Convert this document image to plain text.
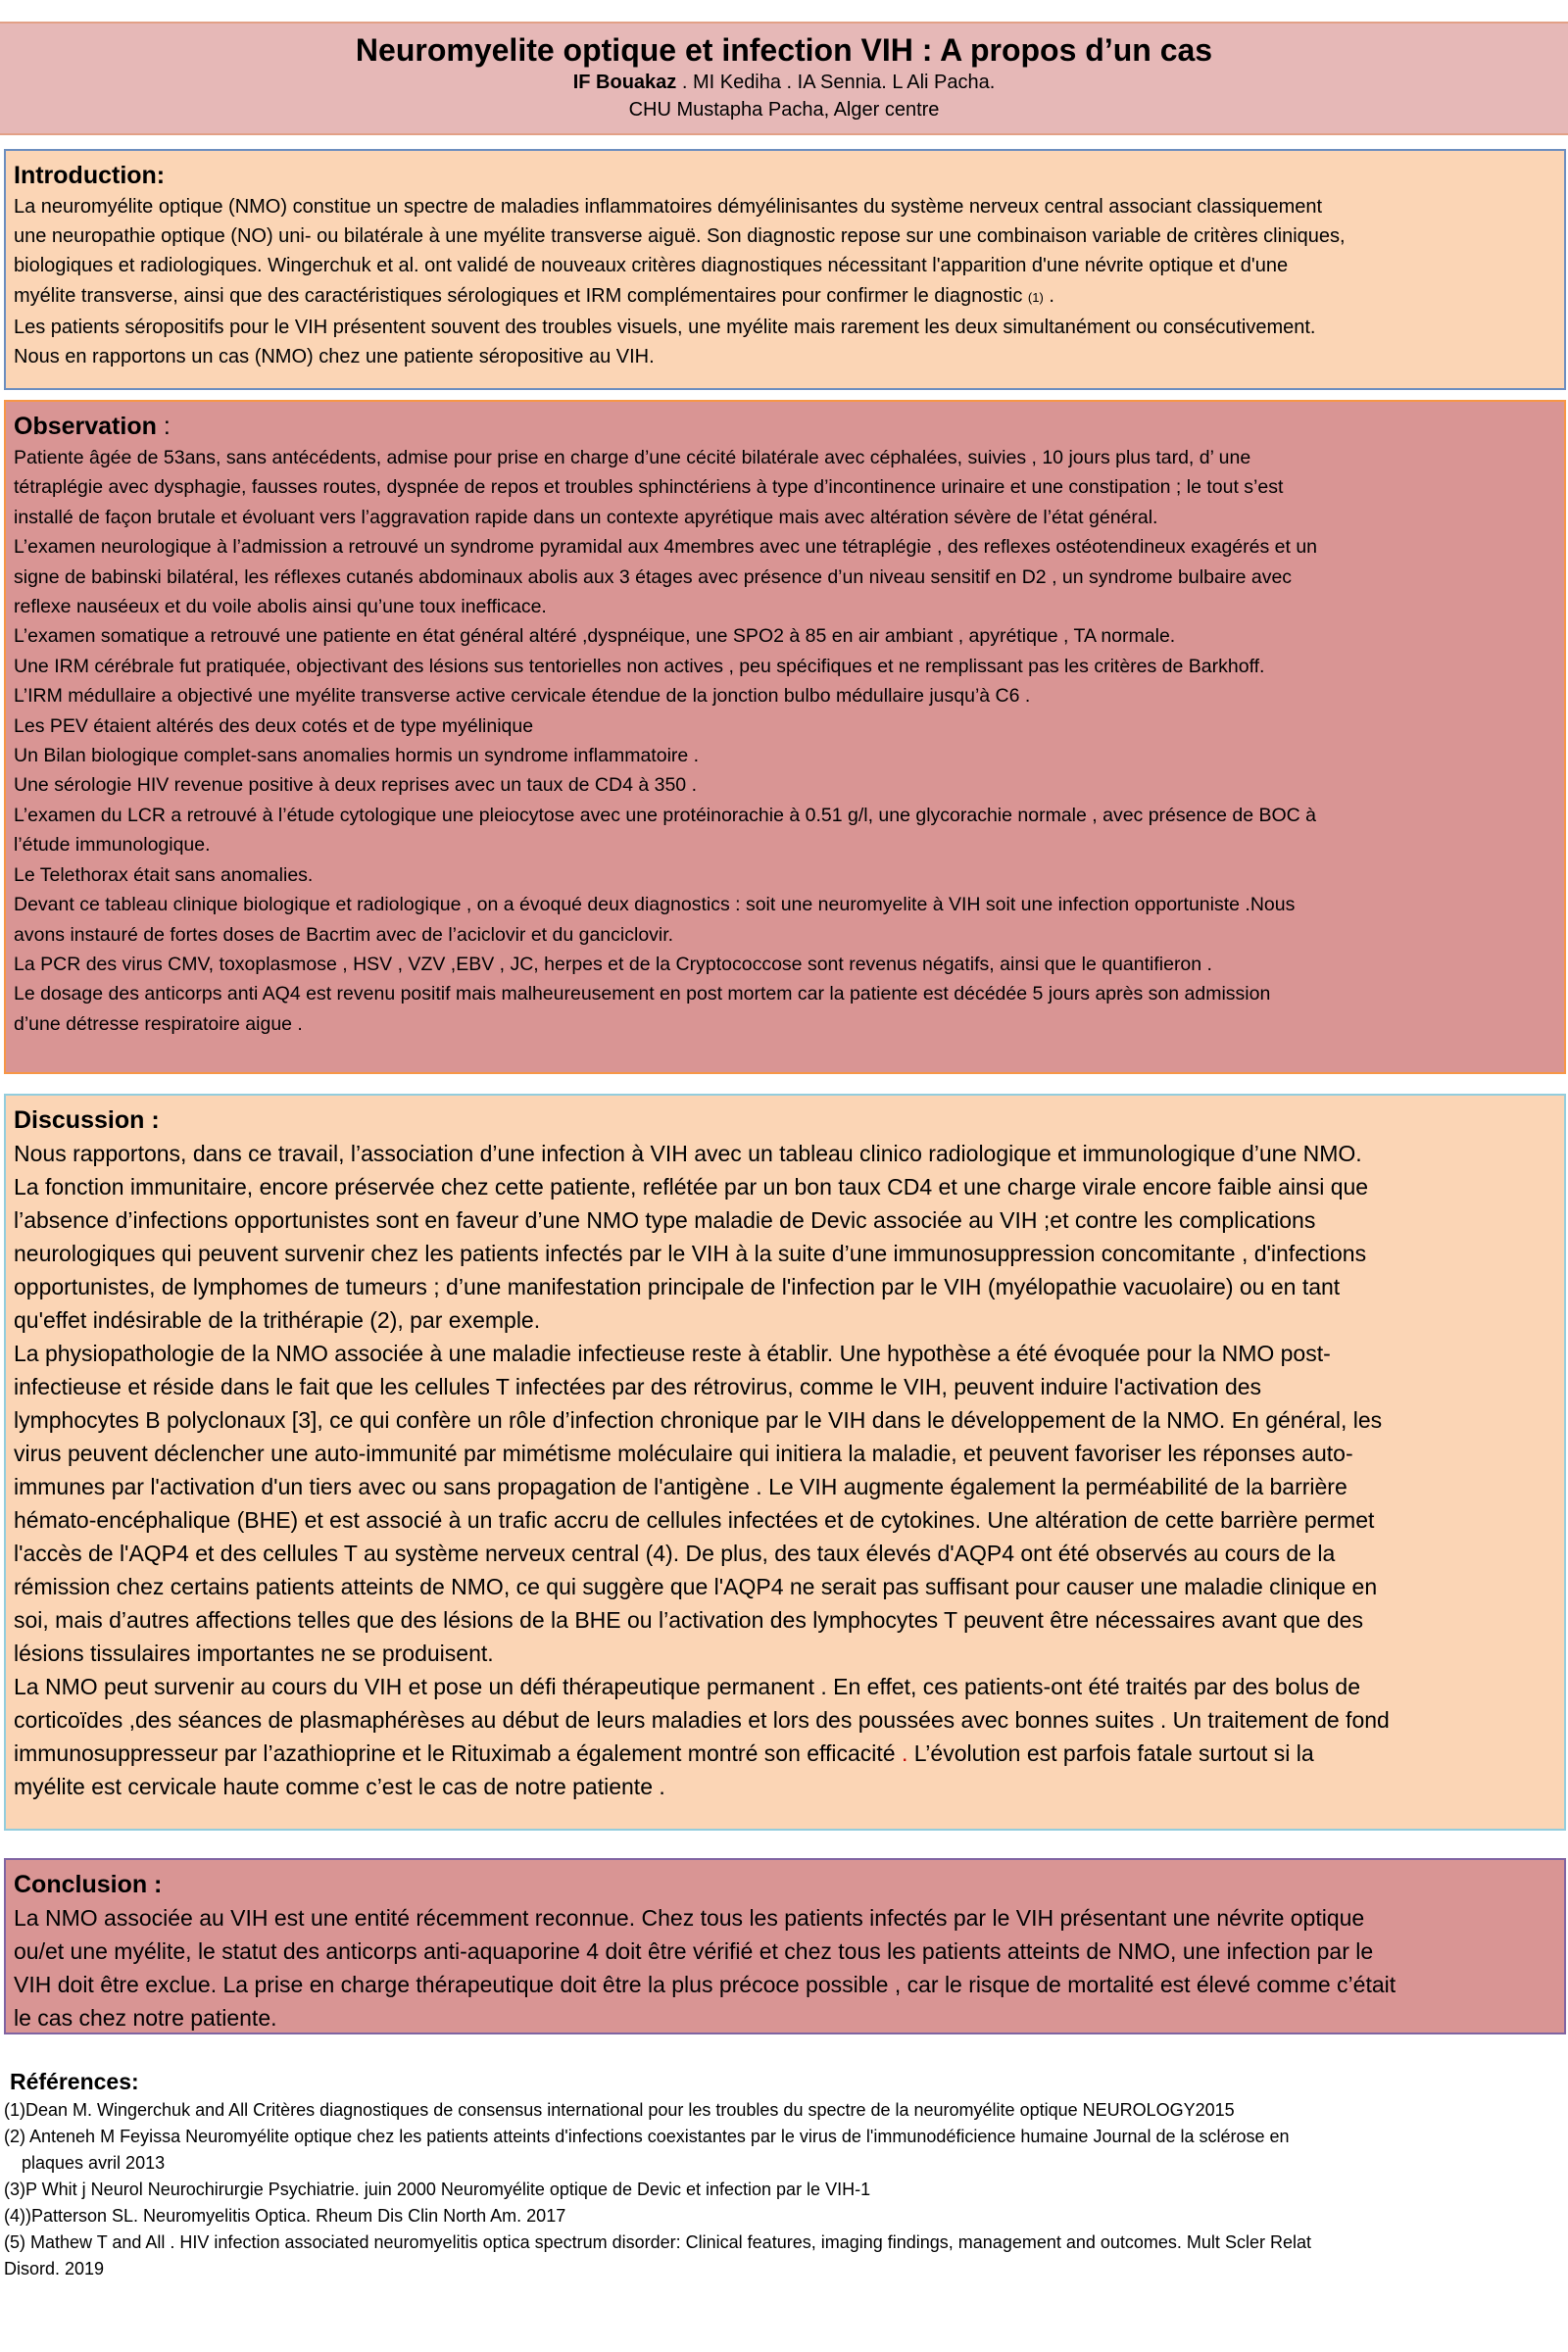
Neuromyelite optique et infection VIH : A propos d’un cas
IF Bouakaz . MI Kediha . IA Sennia. L Ali Pacha.
CHU Mustapha Pacha, Alger centre
Introduction:

La neuromyélite optique (NMO) constitue un spectre de maladies inflammatoires démyélinisantes du système nerveux central associant classiquement

une neuropathie optique (NO) uni- ou bilatérale à une myélite transverse aiguë. Son diagnostic repose sur une combinaison variable de critères cliniques,

biologiques et radiologiques. Wingerchuk et al. ont validé de nouveaux critères diagnostiques nécessitant l'apparition d'une névrite optique et d'une

myélite transverse, ainsi que des caractéristiques sérologiques et IRM complémentaires pour confirmer le diagnostic (1) .

Les patients séropositifs pour le VIH présentent souvent des troubles visuels, une myélite mais rarement les deux simultanément ou consécutivement.

Nous en rapportons un cas (NMO) chez une patiente séropositive au VIH.

Observation :

Patiente âgée de 53ans, sans antécédents, admise pour prise en charge d’une cécité bilatérale avec céphalées, suivies , 10 jours plus tard, d’ une

tétraplégie avec dysphagie, fausses routes, dyspnée de repos et troubles sphinctériens à type d’incontinence urinaire et une constipation ; le tout s’est

installé de façon brutale et évoluant vers l’aggravation rapide dans un contexte apyrétique mais avec altération sévère de l’état général.

L’examen neurologique à l’admission a retrouvé un syndrome pyramidal aux 4membres avec une tétraplégie , des reflexes ostéotendineux exagérés et un

signe de babinski bilatéral, les réflexes cutanés abdominaux abolis aux 3 étages avec présence d’un niveau sensitif en D2 , un syndrome bulbaire avec

reflexe nauséeux et du voile abolis ainsi qu’une toux inefficace.

L’examen somatique a retrouvé une patiente en état général altéré ,dyspnéique, une SPO2 à 85 en air ambiant , apyrétique , TA normale.

Une IRM cérébrale fut pratiquée, objectivant des lésions sus tentorielles non actives , peu spécifiques et ne remplissant pas les critères de Barkhoff.

L’IRM médullaire a objectivé une myélite transverse active cervicale étendue de la jonction bulbo médullaire jusqu’à C6 .

Les PEV étaient altérés des deux cotés et de type myélinique

Un Bilan biologique complet-sans anomalies hormis un syndrome inflammatoire .

Une sérologie HIV revenue positive à deux reprises avec un taux de CD4 à 350 .

L’examen du LCR a retrouvé à l’étude cytologique une pleiocytose avec une protéinorachie à 0.51 g/l, une glycorachie normale , avec présence de BOC à

l’étude immunologique.

Le Telethorax était sans anomalies.

Devant ce tableau clinique biologique et radiologique , on a évoqué deux diagnostics : soit une neuromyelite à VIH soit une infection opportuniste .Nous

avons instauré de fortes doses de Bacrtim avec de l’aciclovir et du ganciclovir.

La PCR des virus CMV, toxoplasmose , HSV , VZV ,EBV , JC, herpes et de la Cryptococcose sont revenus négatifs, ainsi que le quantifieron .

Le dosage des anticorps anti AQ4 est revenu positif mais malheureusement en post mortem car la patiente est décédée 5 jours après son admission

d’une détresse respiratoire aigue .

Discussion :

Nous rapportons, dans ce travail, l’association d’une infection à VIH avec un tableau clinico radiologique et immunologique d’une NMO.

La fonction immunitaire, encore préservée chez cette patiente, reflétée par un bon taux CD4 et une charge virale encore faible ainsi que

l’absence d’infections opportunistes sont en faveur d’une NMO type maladie de Devic associée au VIH ;et contre les complications

neurologiques qui peuvent survenir chez les patients infectés par le VIH à la suite d’une immunosuppression concomitante , d'infections

opportunistes, de lymphomes de tumeurs ; d’une manifestation principale de l'infection par le VIH (myélopathie vacuolaire) ou en tant

qu'effet indésirable de la trithérapie (2), par exemple.

La physiopathologie de la NMO associée à une maladie infectieuse reste à établir. Une hypothèse a été évoquée pour la NMO post-

infectieuse et réside dans le fait que les cellules T infectées par des rétrovirus, comme le VIH, peuvent induire l'activation des

lymphocytes B polyclonaux [3], ce qui confère un rôle d’infection chronique par le VIH dans le développement de la NMO. En général, les

virus peuvent déclencher une auto-immunité par mimétisme moléculaire qui initiera la maladie, et peuvent favoriser les réponses auto-

immunes par l'activation d'un tiers avec ou sans propagation de l'antigène . Le VIH augmente également la perméabilité de la barrière

hémato-encéphalique (BHE) et est associé à un trafic accru de cellules infectées et de cytokines. Une altération de cette barrière permet

l'accès de l'AQP4 et des cellules T au système nerveux central (4). De plus, des taux élevés d'AQP4 ont été observés au cours de la

rémission chez certains patients atteints de NMO, ce qui suggère que l'AQP4 ne serait pas suffisant pour causer une maladie clinique en

soi, mais d’autres affections telles que des lésions de la BHE ou l’activation des lymphocytes T peuvent être nécessaires avant que des

lésions tissulaires importantes ne se produisent.

La NMO peut survenir au cours du VIH et pose un défi thérapeutique permanent . En effet, ces patients-ont été traités par des bolus de

corticoïdes ,des séances de plasmaphérèses au début de leurs maladies et lors des poussées avec bonnes suites . Un traitement de fond

immunosuppresseur par l’azathioprine et le Rituximab a également montré son efficacité . L’évolution est parfois fatale surtout si la

myélite est cervicale haute comme c’est le cas de notre patiente .

Conclusion :

La NMO associée au VIH est une entité récemment reconnue. Chez tous les patients infectés par le VIH présentant une névrite optique

ou/et une myélite, le statut des anticorps anti-aquaporine 4 doit être vérifié et chez tous les patients atteints de NMO, une infection par le

VIH doit être exclue. La prise en charge thérapeutique doit être la plus précoce possible , car le risque de mortalité est élevé comme c’était

le cas chez notre patiente.

Références:
(1)Dean M. Wingerchuk and All Critères diagnostiques de consensus international pour les troubles du spectre de la neuromyélite optique NEUROLOGY2015
(2) Anteneh M Feyissa Neuromyélite optique chez les patients atteints d'infections coexistantes par le virus de l'immunodéficience humaine Journal de la sclérose en
plaques avril 2013
(3)P Whit j Neurol Neurochirurgie Psychiatrie. juin 2000 Neuromyélite optique de Devic et infection par le VIH-1
(4))Patterson SL. Neuromyelitis Optica. Rheum Dis Clin North Am. 2017
(5) Mathew T and All . HIV infection associated neuromyelitis optica spectrum disorder: Clinical features, imaging findings, management and outcomes. Mult Scler Relat
Disord. 2019
